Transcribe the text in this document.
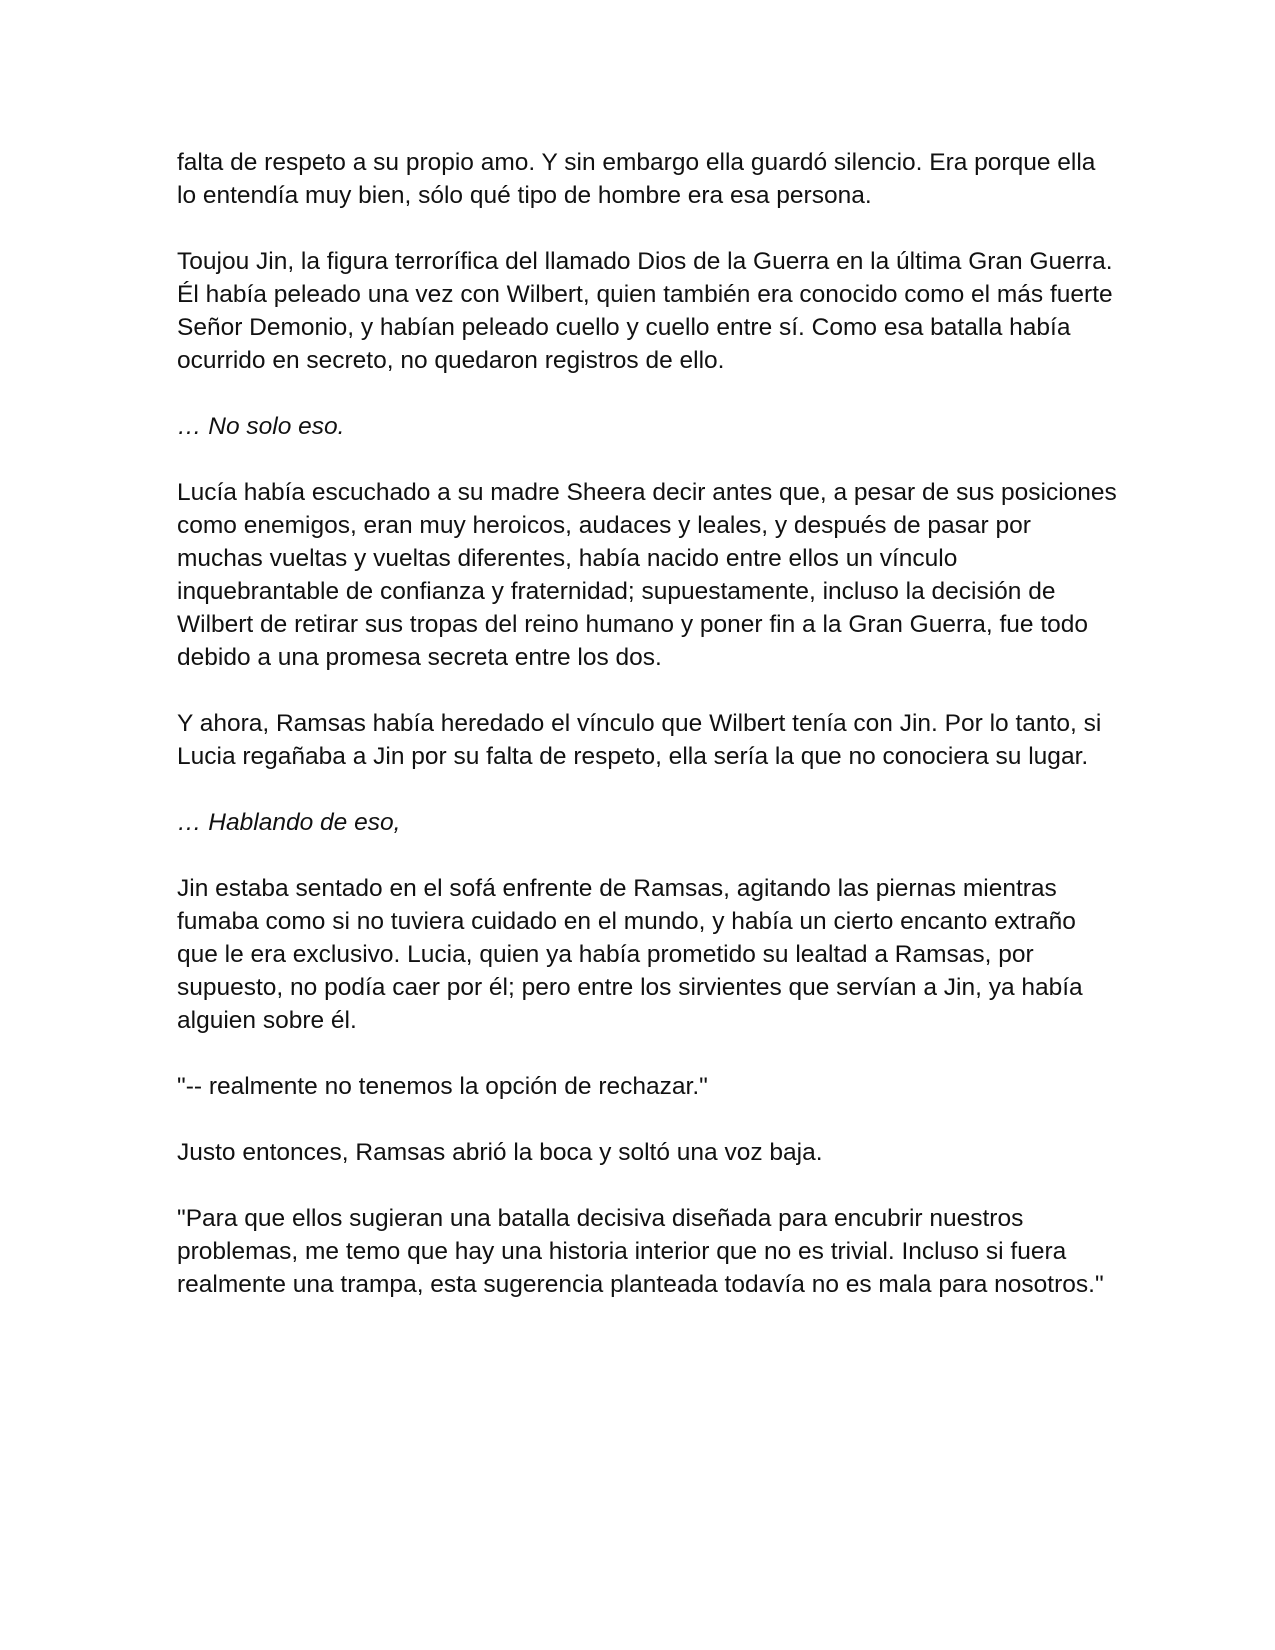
falta de respeto a su propio amo. Y sin embargo ella guardó silencio. Era porque ella lo entendía muy bien, sólo qué tipo de hombre era esa persona.

Toujou Jin, la figura terrorífica del llamado Dios de la Guerra en la última Gran Guerra. Él había peleado una vez con Wilbert, quien también era conocido como el más fuerte Señor Demonio, y habían peleado cuello y cuello entre sí. Como esa batalla había ocurrido en secreto, no quedaron registros de ello.

… No solo eso.

Lucía había escuchado a su madre Sheera decir antes que, a pesar de sus posiciones como enemigos, eran muy heroicos, audaces y leales, y después de pasar por muchas vueltas y vueltas diferentes, había nacido entre ellos un vínculo inquebrantable de confianza y fraternidad; supuestamente, incluso la decisión de Wilbert de retirar sus tropas del reino humano y poner fin a la Gran Guerra, fue todo debido a una promesa secreta entre los dos.

Y ahora, Ramsas había heredado el vínculo que Wilbert tenía con Jin. Por lo tanto, si Lucia regañaba a Jin por su falta de respeto, ella sería la que no conociera su lugar.

… Hablando de eso,

Jin estaba sentado en el sofá enfrente de Ramsas, agitando las piernas mientras fumaba como si no tuviera cuidado en el mundo, y había un cierto encanto extraño que le era exclusivo. Lucia, quien ya había prometido su lealtad a Ramsas, por supuesto, no podía caer por él; pero entre los sirvientes que servían a Jin, ya había alguien sobre él.

"-- realmente no tenemos la opción de rechazar."

Justo entonces, Ramsas abrió la boca y soltó una voz baja.

"Para que ellos sugieran una batalla decisiva diseñada para encubrir nuestros problemas, me temo que hay una historia interior que no es trivial. Incluso si fuera realmente una trampa, esta sugerencia planteada todavía no es mala para nosotros."
